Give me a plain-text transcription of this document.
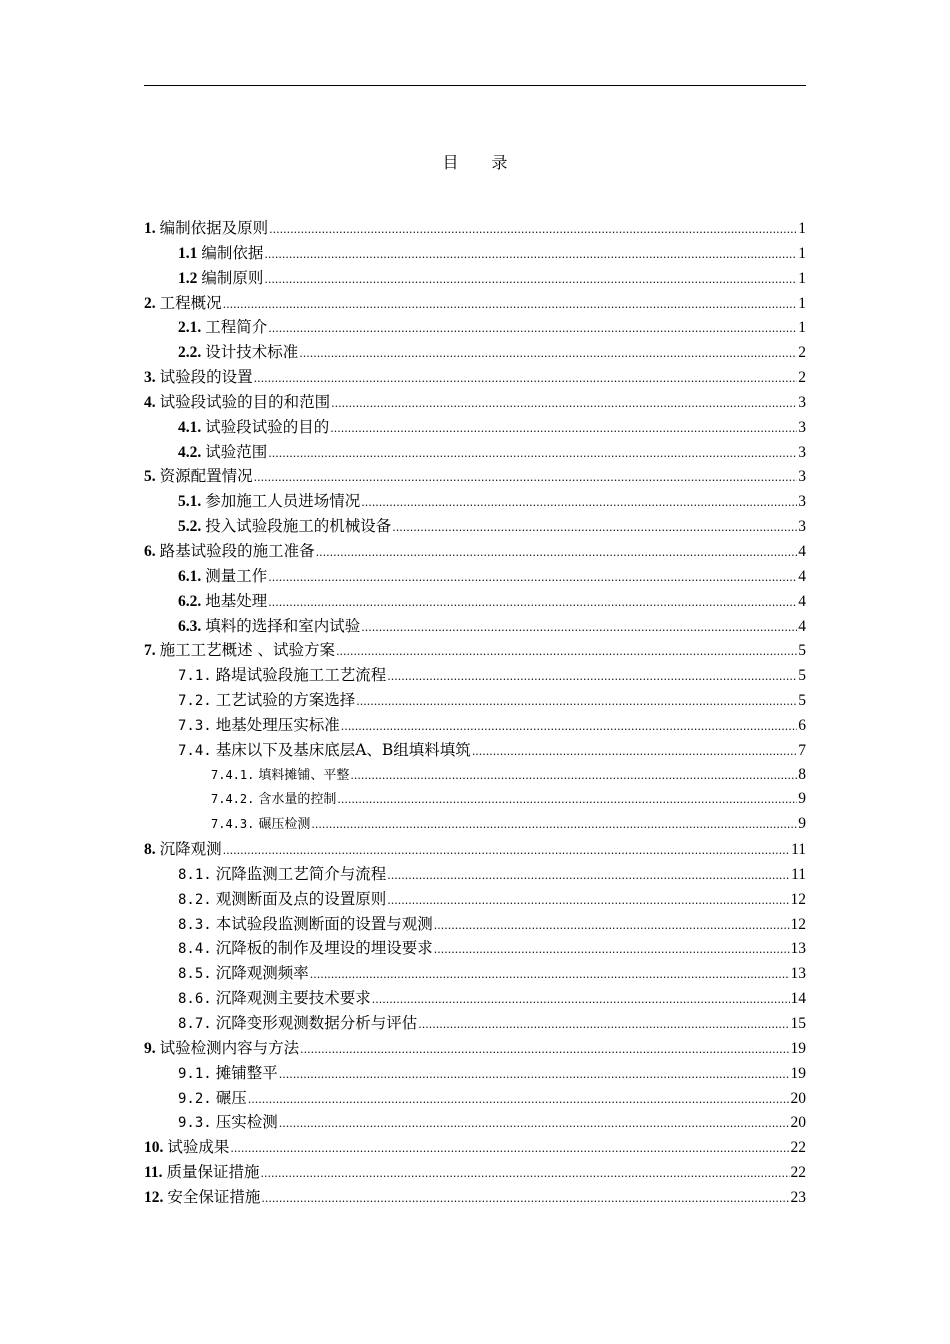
目 录
1. 编制依据及原则 .....	1
1.1 编制依据 .....	1
1.2 编制原则 .....	1
2. 工程概况 .....	1
2.1. 工程简介 .....	1
2.2. 设计技术标准 .....	2
3. 试验段的设置 .....	2
4. 试验段试验的目的和范围 .....	3
4.1. 试验段试验的目的 .....	3
4.2. 试验范围 .....	3
5. 资源配置情况 .....	3
5.1. 参加施工人员进场情况 .....	3
5.2. 投入试验段施工的机械设备 .....	3
6. 路基试验段的施工准备 .....	4
6.1. 测量工作 .....	4
6.2. 地基处理 .....	4
6.3. 填料的选择和室内试验 .....	4
7. 施工工艺概述 、试验方案 .....	5
7.1. 路堤试验段施工工艺流程 .....	5
7.2. 工艺试验的方案选择 .....	5
7.3. 地基处理压实标准 .....	6
7.4. 基床以下及基床底层A、B组填料填筑 .....	7
7.4.1. 填料摊铺、平整 .....	8
7.4.2. 含水量的控制 .....	9
7.4.3. 碾压检测 .....	9
8. 沉降观测 .....	11
8.1. 沉降监测工艺简介与流程 .....	11
8.2. 观测断面及点的设置原则 .....	12
8.3. 本试验段监测断面的设置与观测 .....	12
8.4. 沉降板的制作及埋设的埋设要求 .....	13
8.5. 沉降观测频率 .....	13
8.6. 沉降观测主要技术要求 .....	14
8.7. 沉降变形观测数据分析与评估 .....	15
9. 试验检测内容与方法 .....	19
9.1. 摊铺整平 .....	19
9.2. 碾压 .....	20
9.3. 压实检测 .....	20
10. 试验成果 .....	22
11. 质量保证措施 .....	22
12. 安全保证措施 .....	23
